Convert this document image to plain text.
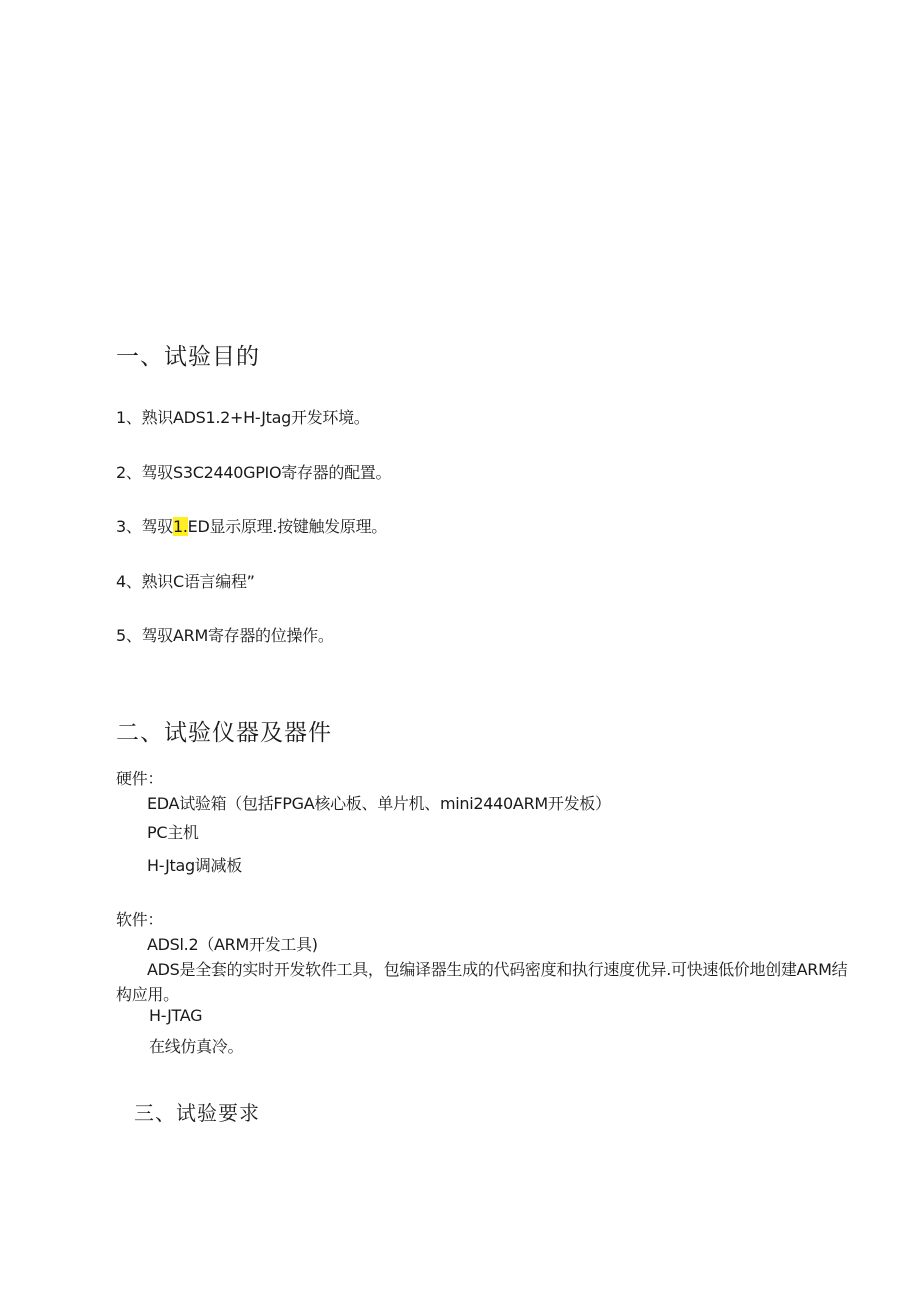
一、试验目的
1、熟识ADS1.2+H-Jtag开发环境。
2、驾驭S3C2440GPIO寄存器的配置。
3、驾驭1.ED显示原理.按键触发原理。
4、熟识C语言编程”
5、驾驭ARM寄存器的位操作。
二、试验仪器及器件
硬件：
EDA试验箱（包括FPGA核心板、单片机、mini2440ARM开发板）
PC主机
H-Jtag调减板
软件：
ADSl.2（ARM开发工具)
ADS是全套的实时开发软件工具，包编译器生成的代码密度和执行速度优异.可快速低价地创建ARM结
构应用。
H-JTAG
在线仿真冷。
三、试验要求
